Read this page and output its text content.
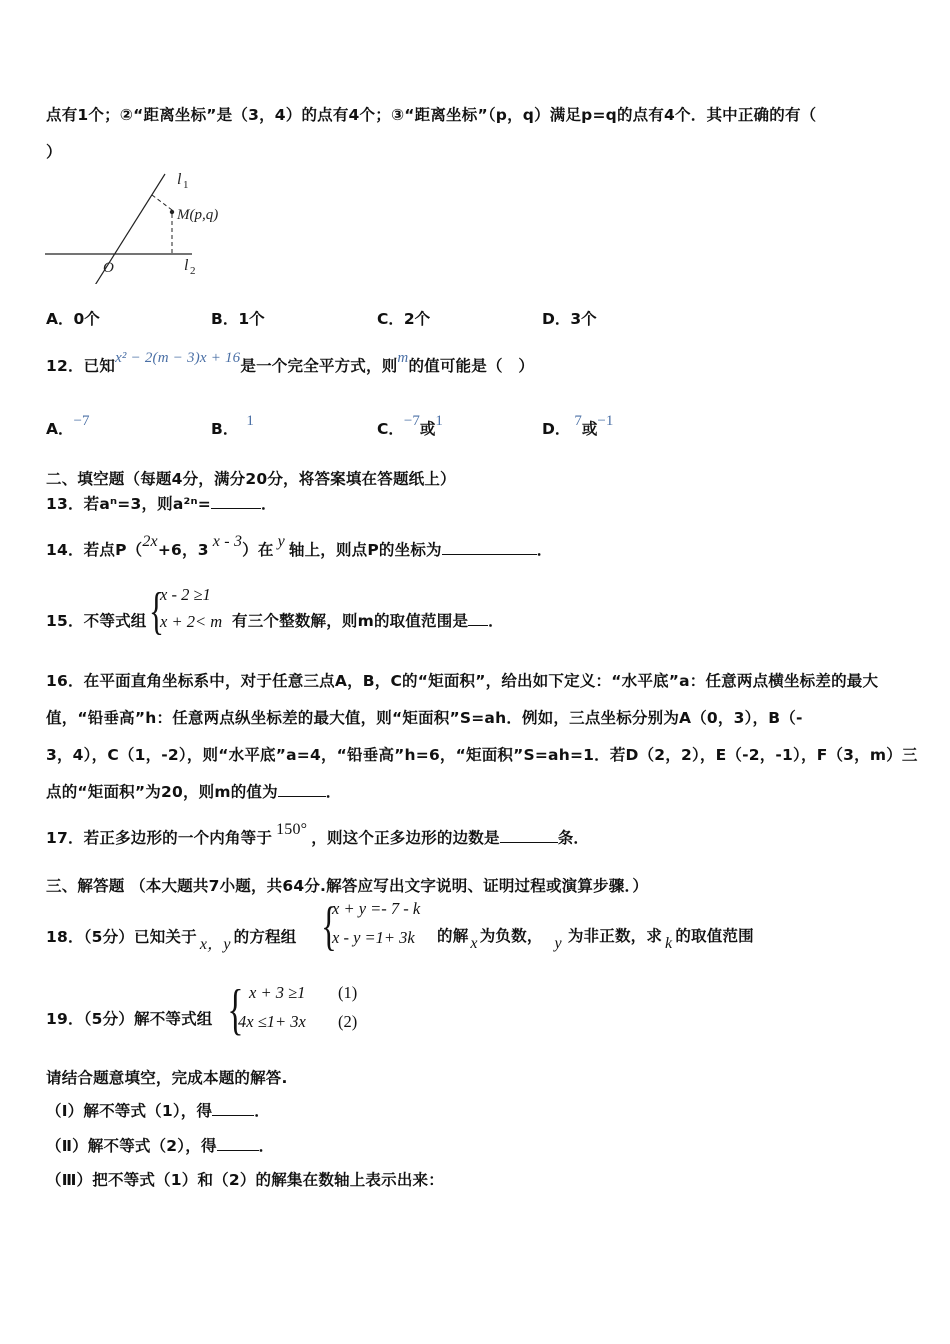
点有1个；②“距离坐标”是（3，4）的点有4个；③“距离坐标”（p，q）满足p=q的点有4个．其中正确的有（
）
l 1
M(p,q)
O	l 2
A．0个	B．1个	C．2个	D．3个
12．已知x² − 2(m − 3)x + 16是一个完全平方式，则m的值可能是（　）
A．−7	B． 1	C．−7或1	D． 7或−1
二、填空题（每题4分，满分20分，将答案填在答题纸上）
13．若aⁿ=3，则a²ⁿ=	．
14．若点P（2x+6，3 x - 3）在 y 轴上，则点P的坐标为	．
15．不等式组 {
x - 2 ≥1
x + 2< m 有三个整数解，则m的取值范围是 ．
16．在平面直角坐标系中，对于任意三点A，B，C的“矩面积”，给出如下定义：“水平底”a：任意两点横坐标差的最大
值，“铅垂高”h：任意两点纵坐标差的最大值，则“矩面积”S=ah．例如，三点坐标分别为A（0，3），B（-
3，4），C（1，-2），则“水平底”a=4，“铅垂高”h=6，“矩面积”S=ah=1．若D（2，2），E（-2，-1），F（3，m）三
点的“矩面积”为20，则m的值为	．
17．若正多边形的一个内角等于 150° ，则这个正多边形的边数是	条．
三、解答题 （本大题共7小题，共64分.解答应写出文字说明、证明过程或演算步骤．）
18．（5分）已知关于 x，y 的方程组 {
x + y =- 7 - k
x - y =1+ 3k 的解 x 为负数， y 为非正数，求 k 的取值范围
19．（5分）解不等式组 { x + 3 ≥1 (1)
4x ≤1+ 3x (2)
请结合题意填空，完成本题的解答.
（Ⅰ）解不等式（1），得	．
（Ⅱ）解不等式（2），得	．
（Ⅲ）把不等式（1）和（2）的解集在数轴上表示出来：
